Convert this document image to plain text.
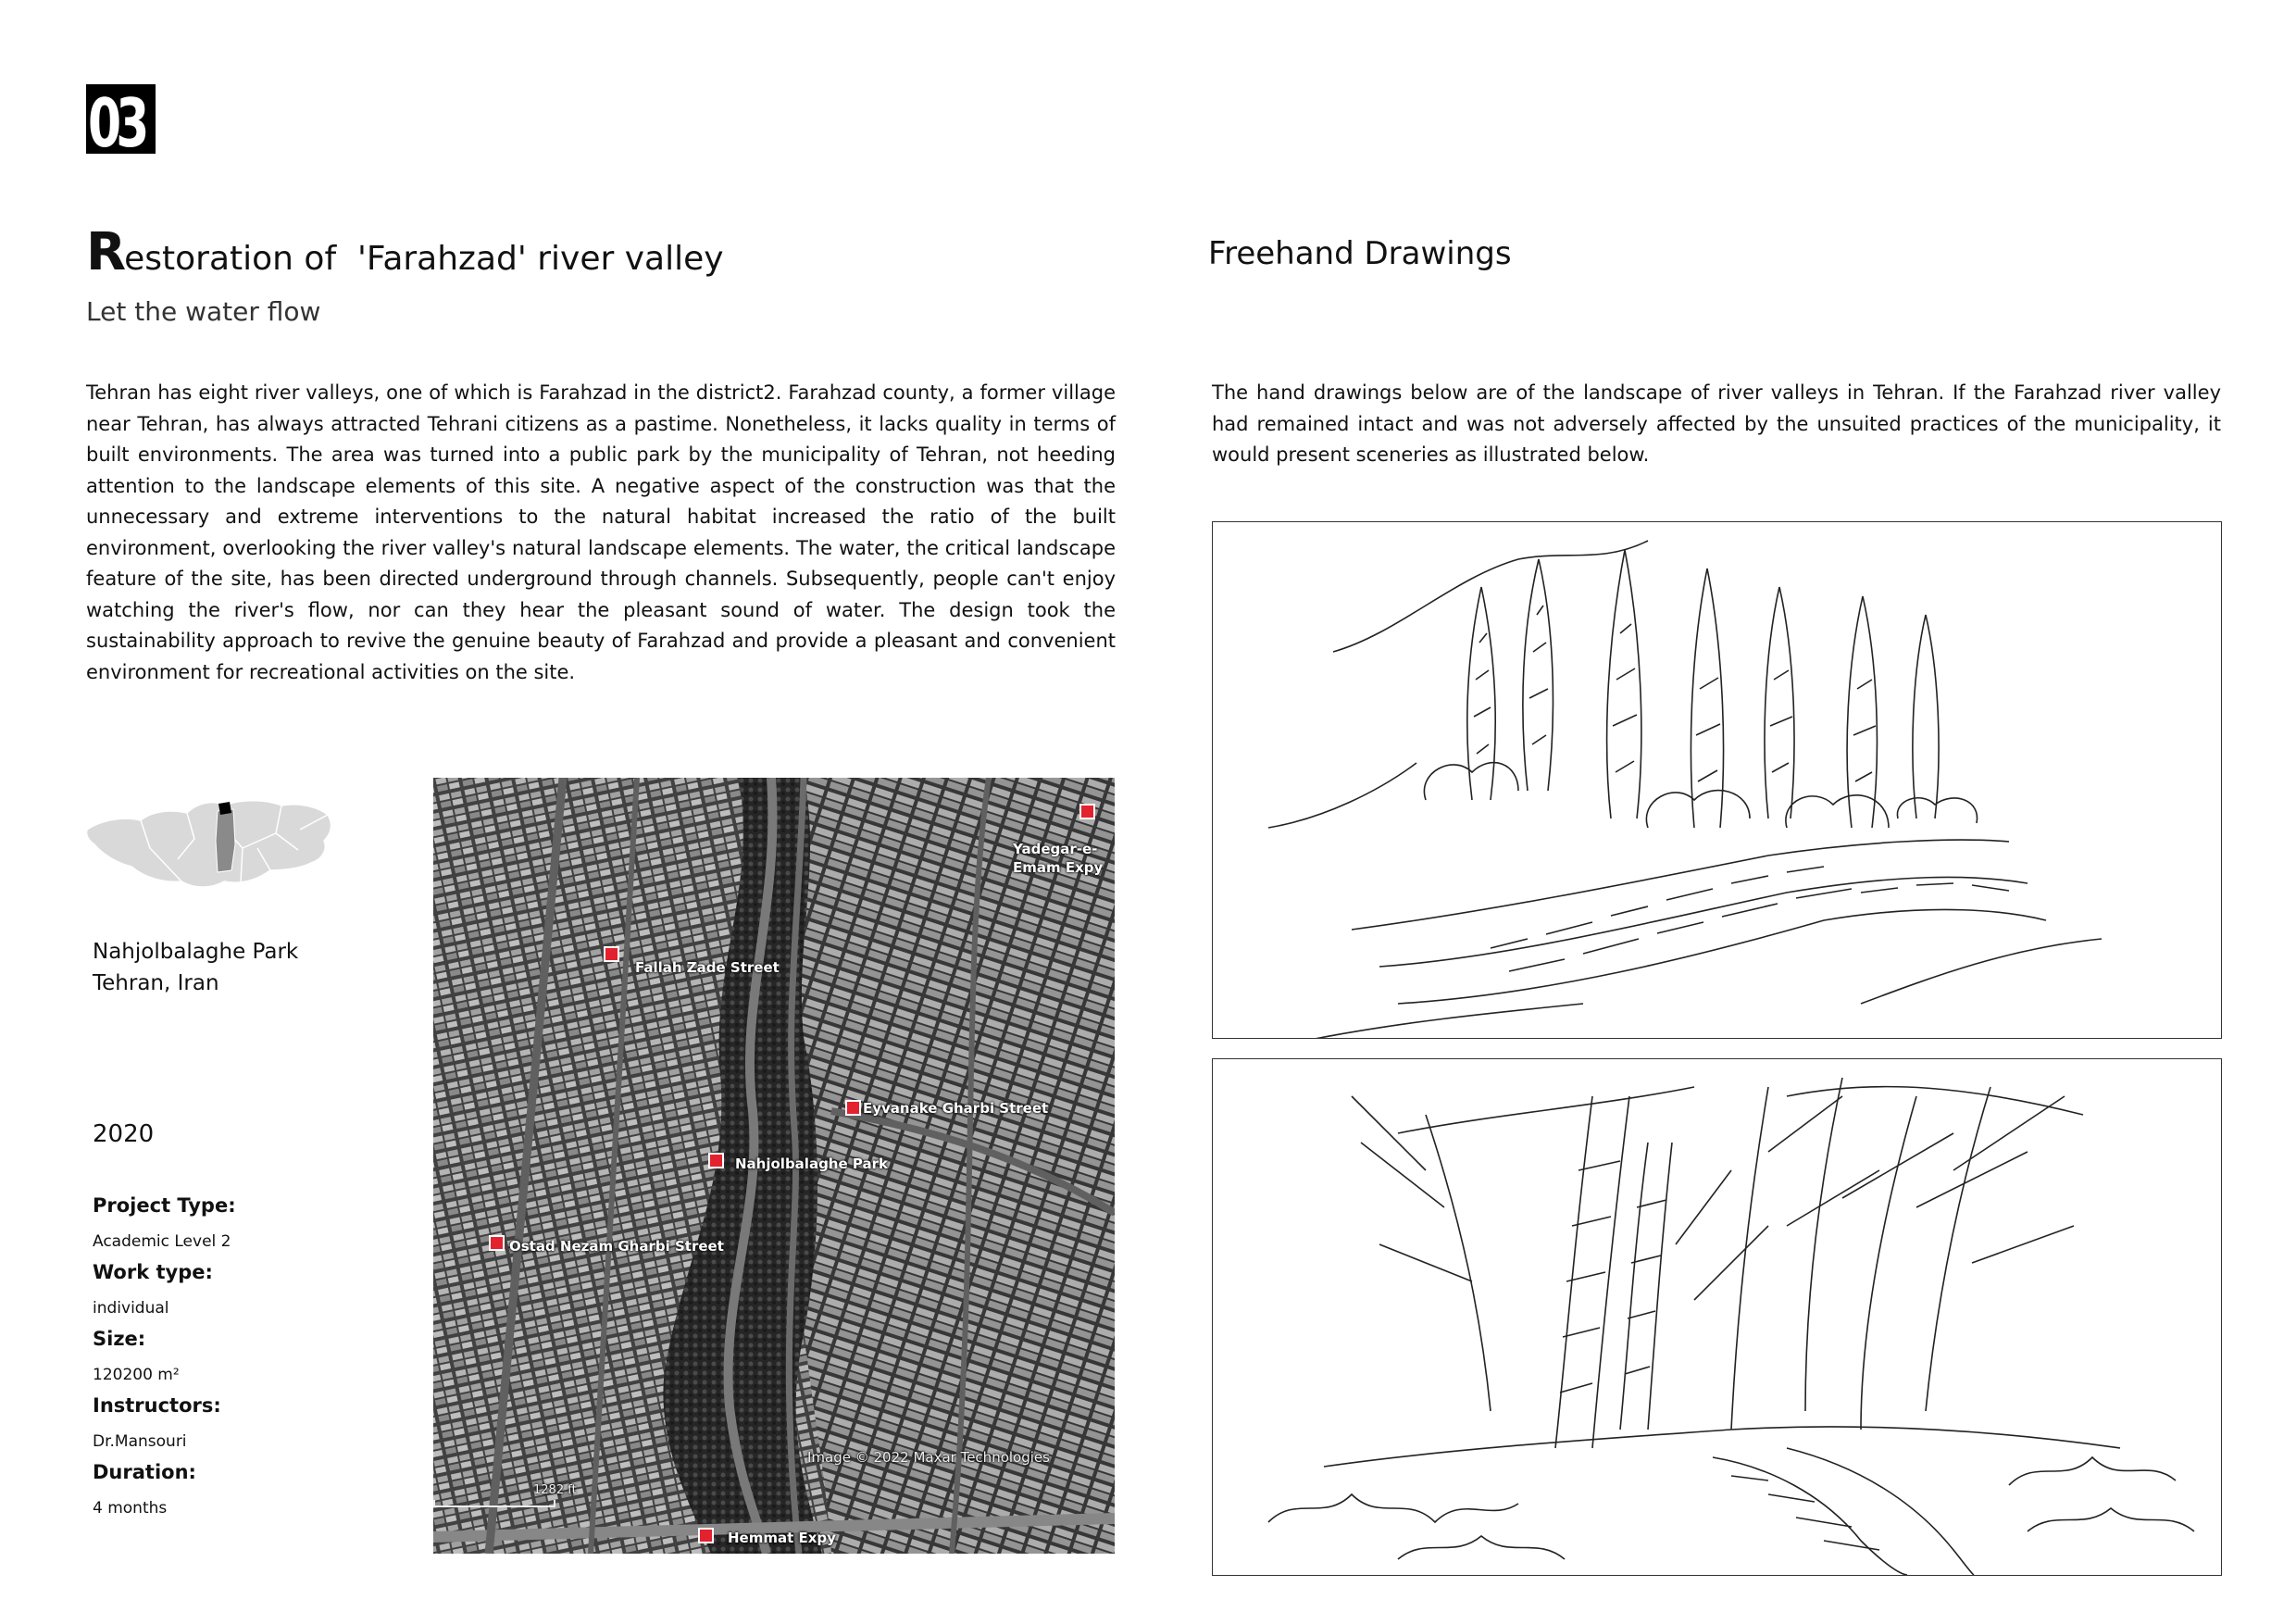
03
Restoration of  'Farahzad' river valley
Let the water flow
Tehran has eight river valleys, one of which is Farahzad in the district2. Farahzad county, a former village near Tehran, has always attracted Tehrani citizens as a pastime. Nonetheless, it lacks quality in terms of built environments. The area was turned into a public park by the municipality of Tehran, not heeding attention to the landscape elements of this site. A negative aspect of the construction was that the unnecessary and extreme interventions to the natural habitat increased the ratio of the built environment, overlooking the river valley's natural landscape elements. The water, the critical landscape feature of the site, has been directed underground through channels. Subsequently, people can't enjoy watching the river's flow, nor can they hear the pleasant sound of water. The design took the sustainability approach to revive the genuine beauty of Farahzad and provide a pleasant and convenient environment for recreational activities on the site.
Nahjolbalaghe Park
Tehran, Iran
2020
Project Type:
Academic Level 2
Work type:
individual
Size:
120200 m²
Instructors:
Dr.Mansouri
Duration:
4 months
Yadegar-e-
Emam Expy
Fallah Zade Street
Eyvanake Gharbi Street
Nahjolbalaghe Park
Ostad Nezam Gharbi Street
Image © 2022 Maxar Technologies
1282 ft
Hemmat Expy
Freehand Drawings
The hand drawings below are of the landscape of river valleys in Tehran. If the Farahzad river valley had remained intact and was not adversely affected by the unsuited practices of the municipality, it would present sceneries as illustrated below.
